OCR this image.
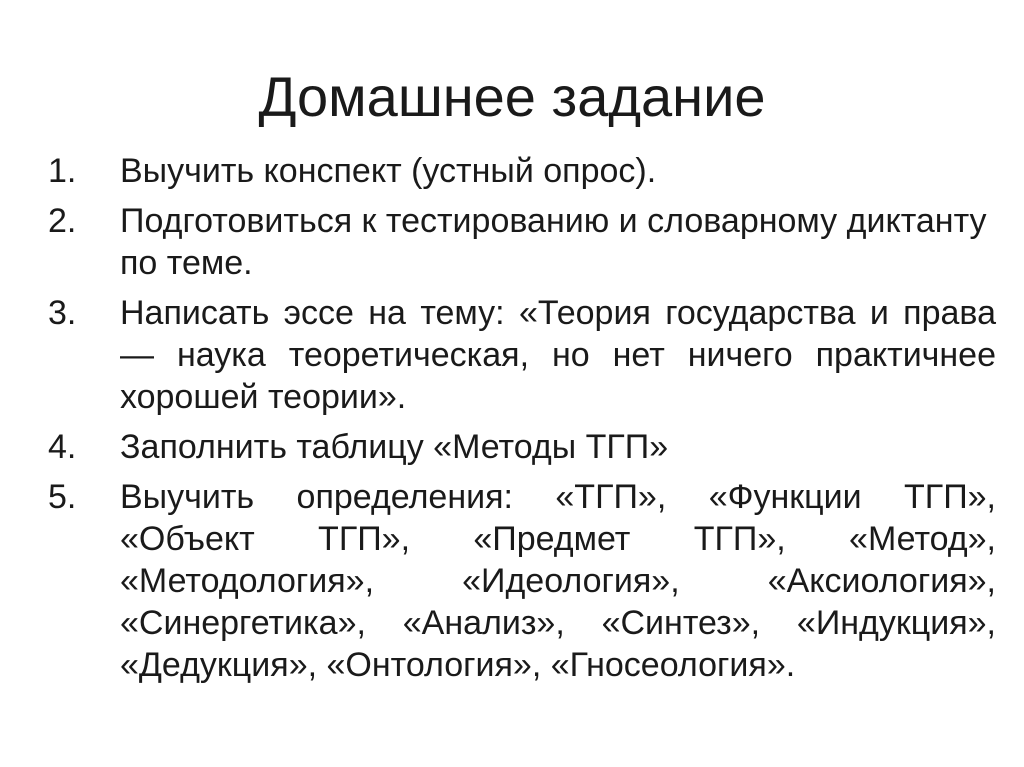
Домашнее задание
1. Выучить конспект (устный опрос).
2. Подготовиться к тестированию и словарному диктанту по теме.
3. Написать эссе на тему: «Теория государства и права — наука теоретическая, но нет ничего практичнее хорошей теории».
4. Заполнить таблицу «Методы ТГП»
5. Выучить определения: «ТГП», «Функции ТГП», «Объект ТГП», «Предмет ТГП», «Метод», «Методология», «Идеология», «Аксиология», «Синергетика», «Анализ», «Синтез», «Индукция», «Дедукция», «Онтология», «Гносеология».
